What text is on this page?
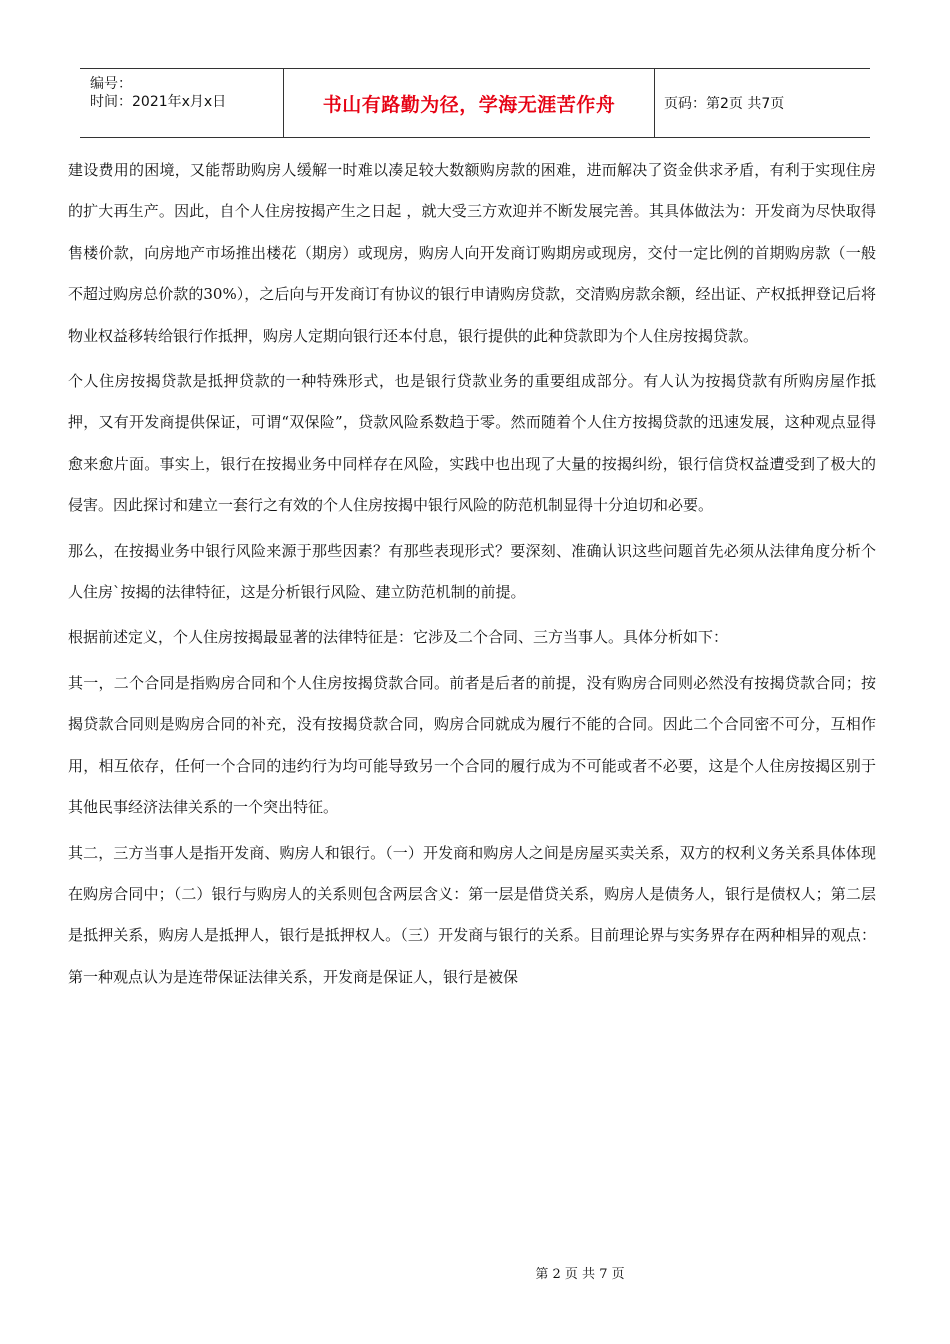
编号：
时间：2021年x月x日	书山有路勤为径，学海无涯苦作舟	页码：第2页 共7页

建设费用的困境，又能帮助购房人缓解一时难以凑足较大数额购房款的困难，进而解决了资金供求矛盾，有利于实现住房的扩大再生产。因此，自个人住房按揭产生之日起 ，就大受三方欢迎并不断发展完善。其具体做法为：开发商为尽快取得售楼价款，向房地产市场推出楼花（期房）或现房，购房人向开发商订购期房或现房，交付一定比例的首期购房款（一般不超过购房总价款的30%），之后向与开发商订有协议的银行申请购房贷款，交清购房款余额，经出证、产权抵押登记后将物业权益移转给银行作抵押，购房人定期向银行还本付息，银行提供的此种贷款即为个人住房按揭贷款。

个人住房按揭贷款是抵押贷款的一种特殊形式，也是银行贷款业务的重要组成部分。有人认为按揭贷款有所购房屋作抵押，又有开发商提供保证，可谓“双保险”，贷款风险系数趋于零。然而随着个人住方按揭贷款的迅速发展，这种观点显得愈来愈片面。事实上，银行在按揭业务中同样存在风险，实践中也出现了大量的按揭纠纷，银行信贷权益遭受到了极大的侵害。因此探讨和建立一套行之有效的个人住房按揭中银行风险的防范机制显得十分迫切和必要。

那么，在按揭业务中银行风险来源于那些因素？有那些表现形式？要深刻、准确认识这些问题首先必须从法律角度分析个人住房`按揭的法律特征，这是分析银行风险、建立防范机制的前提。

根据前述定义，个人住房按揭最显著的法律特征是：它涉及二个合同、三方当事人。具体分析如下：

其一，二个合同是指购房合同和个人住房按揭贷款合同。前者是后者的前提，没有购房合同则必然没有按揭贷款合同；按揭贷款合同则是购房合同的补充，没有按揭贷款合同，购房合同就成为履行不能的合同。因此二个合同密不可分，互相作用，相互依存，任何一个合同的违约行为均可能导致另一个合同的履行成为不可能或者不必要，这是个人住房按揭区别于其他民事经济法律关系的一个突出特征。

其二，三方当事人是指开发商、购房人和银行。（一）开发商和购房人之间是房屋买卖关系，双方的权利义务关系具体体现在购房合同中；（二）银行与购房人的关系则包含两层含义：第一层是借贷关系，购房人是债务人，银行是债权人；第二层是抵押关系，购房人是抵押人，银行是抵押权人。（三）开发商与银行的关系。目前理论界与实务界存在两种相异的观点：第一种观点认为是连带保证法律关系，开发商是保证人，银行是被保

第 2 页 共 7 页
